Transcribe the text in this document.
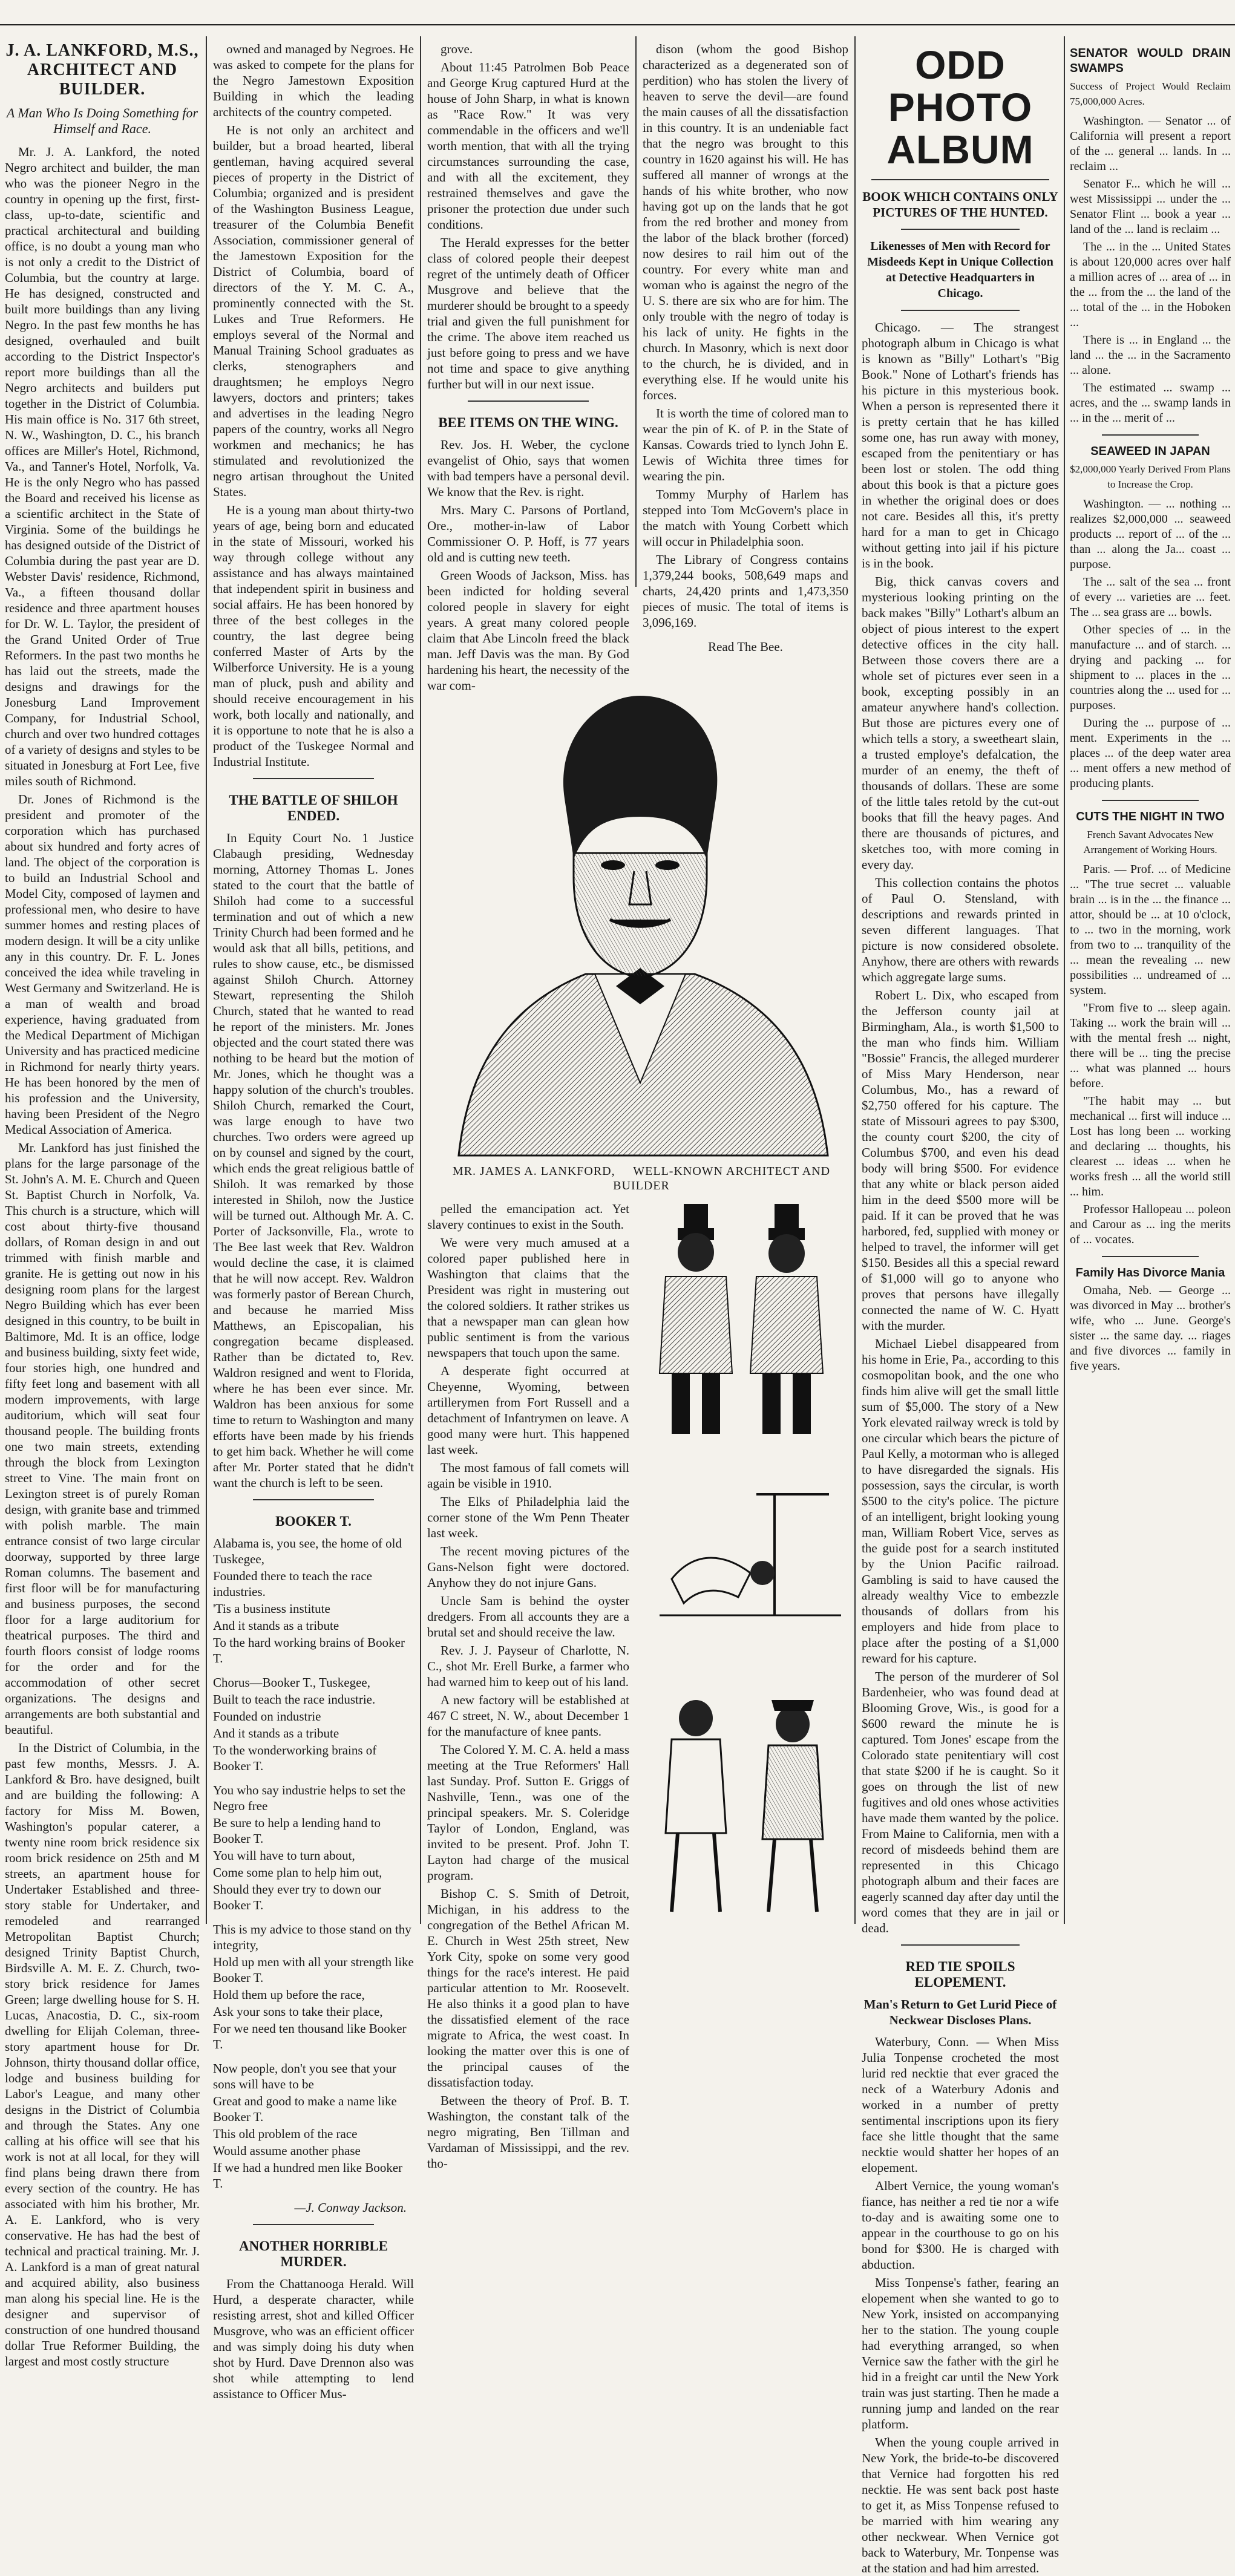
J. A. LANKFORD, M.S., ARCHITECT AND BUILDER.
A Man Who Is Doing Something for Himself and Race.

Mr. J. A. Lankford, the noted Negro architect and builder, the man who was the pioneer Negro in the country in opening up the first, first-class, up-to-date, scientific and practical architectural and building office, is no doubt a young man who is not only a credit to the District of Columbia, but the country at large. He has designed, constructed and built more buildings than any living Negro. In the past few months he has designed, overhauled and built according to the District Inspector's report more buildings than all the Negro architects and builders put together in the District of Columbia. His main office is No. 317 6th street, N. W., Washington, D. C., his branch offices are Miller's Hotel, Richmond, Va., and Tanner's Hotel, Norfolk, Va. He is the only Negro who has passed the Board and received his license as a scientific architect in the State of Virginia. Some of the buildings he has designed outside of the District of Columbia during the past year are D. Webster Davis' residence, Richmond, Va., a fifteen thousand dollar residence and three apartment houses for Dr. W. L. Taylor, the president of the Grand United Order of True Reformers. In the past two months he has laid out the streets, made the designs and drawings for the Jonesburg Land Improvement Company, for Industrial School, church and over two hundred cottages of a variety of designs and styles to be situated in Jonesburg at Fort Lee, five miles south of Richmond.

Dr. Jones of Richmond is the president and promoter of the corporation which has purchased about six hundred and forty acres of land. The object of the corporation is to build an Industrial School and Model City, composed of laymen and professional men, who desire to have summer homes and resting places of modern design. It will be a city unlike any in this country. Dr. F. L. Jones conceived the idea while traveling in West Germany and Switzerland. He is a man of wealth and broad experience, having graduated from the Medical Department of Michigan University and has practiced medicine in Richmond for nearly thirty years. He has been honored by the men of his profession and the University, having been President of the Negro Medical Association of America.

Mr. Lankford has just finished the plans for the large parsonage of the St. John's A. M. E. Church and Queen St. Baptist Church in Norfolk, Va. This church is a structure, which will cost about thirty-five thousand dollars, of Roman design in and out trimmed with finish marble and granite. He is getting out now in his designing room plans for the largest Negro Building which has ever been designed in this country, to be built in Baltimore, Md. It is an office, lodge and business building, sixty feet wide, four stories high, one hundred and fifty feet long and basement with all modern improvements, with large auditorium, which will seat four thousand people. The building fronts one two main streets, extending through the block from Lexington street to Vine. The main front on Lexington street is of purely Roman design, with granite base and trimmed with polish marble. The main entrance consist of two large circular doorway, supported by three large Roman columns. The basement and first floor will be for manufacturing and business purposes, the second floor for a large auditorium for theatrical purposes. The third and fourth floors consist of lodge rooms for the order and for the accommodation of other secret organizations. The designs and arrangements are both substantial and beautiful.

In the District of Columbia, in the past few months, Messrs. J. A. Lankford & Bro. have designed, built and are building the following: A factory for Miss M. Bowen, Washington's popular caterer, a twenty nine room brick residence six room brick residence on 25th and M streets, an apartment house for Undertaker Established and three-story stable for Undertaker, and remodeled and rearranged Metropolitan Baptist Church; designed Trinity Baptist Church, Birdsville A. M. E. Z. Church, two-story brick residence for James Green; large dwelling house for S. H. Lucas, Anacostia, D. C., six-room dwelling for Elijah Coleman, three-story apartment house for Dr. Johnson, thirty thousand dollar office, lodge and business building for Labor's League, and many other designs in the District of Columbia and through the States. Any one calling at his office will see that his work is not at all local, for they will find plans being drawn there from every section of the country. He has associated with him his brother, Mr. A. E. Lankford, who is very conservative. He has had the best of technical and practical training. Mr. J. A. Lankford is a man of great natural and acquired ability, also business man along his special line. He is the designer and supervisor of construction of one hundred thousand dollar True Reformer Building, the largest and most costly structure

owned and managed by Negroes. He was asked to compete for the plans for the Negro Jamestown Exposition Building in which the leading architects of the country competed.

He is not only an architect and builder, but a broad hearted, liberal gentleman, having acquired several pieces of property in the District of Columbia; organized and is president of the Washington Business League, treasurer of the Columbia Benefit Association, commissioner general of the Jamestown Exposition for the District of Columbia, board of directors of the Y. M. C. A., prominently connected with the St. Lukes and True Reformers. He employs several of the Normal and Manual Training School graduates as clerks, stenographers and draughtsmen; he employs Negro lawyers, doctors and printers; takes and advertises in the leading Negro papers of the country, works all Negro workmen and mechanics; he has stimulated and revolutionized the negro artisan throughout the United States.

He is a young man about thirty-two years of age, being born and educated in the state of Missouri, worked his way through college without any assistance and has always maintained that independent spirit in business and social affairs. He has been honored by three of the best colleges in the country, the last degree being conferred Master of Arts by the Wilberforce University. He is a young man of pluck, push and ability and should receive encouragement in his work, both locally and nationally, and it is opportune to note that he is also a product of the Tuskegee Normal and Industrial Institute.

THE BATTLE OF SHILOH ENDED.

In Equity Court No. 1 Justice Clabaugh presiding, Wednesday morning, Attorney Thomas L. Jones stated to the court that the battle of Shiloh had come to a successful termination and out of which a new Trinity Church had been formed and he would ask that all bills, petitions, and rules to show cause, etc., be dismissed against Shiloh Church. Attorney Stewart, representing the Shiloh Church, stated that he wanted to read he report of the ministers. Mr. Jones objected and the court stated there was nothing to be heard but the motion of Mr. Jones, which he thought was a happy solution of the church's troubles. Shiloh Church, remarked the Court, was large enough to have two churches. Two orders were agreed up on by counsel and signed by the court, which ends the great religious battle of Shiloh. It was remarked by those interested in Shiloh, now the Justice will be turned out. Although Mr. A. C. Porter of Jacksonville, Fla., wrote to The Bee last week that Rev. Waldron would decline the case, it is claimed that he will now accept. Rev. Waldron was formerly pastor of Berean Church, and because he married Miss Matthews, an Episcopalian, his congregation became displeased. Rather than be dictated to, Rev. Waldron resigned and went to Florida, where he has been ever since. Mr. Waldron has been anxious for some time to return to Washington and many efforts have been made by his friends to get him back. Whether he will come after Mr. Porter stated that he didn't want the church is left to be seen.

BOOKER T.

Alabama is, you see, the home of old Tuskegee,

Founded there to teach the race industries.

'Tis a business institute

And it stands as a tribute

To the hard working brains of Booker T.

Chorus—Booker T., Tuskegee,

Built to teach the race industrie.

Founded on industrie

And it stands as a tribute

To the wonderworking brains of Booker T.

You who say industrie helps to set the Negro free

Be sure to help a lending hand to Booker T.

You will have to turn about,

Come some plan to help him out,

Should they ever try to down our Booker T.

This is my advice to those stand on thy integrity,

Hold up men with all your strength like Booker T.

Hold them up before the race,

Ask your sons to take their place,

For we need ten thousand like Booker T.

Now people, don't you see that your sons will have to be

Great and good to make a name like Booker T.

This old problem of the race

Would assume another phase

If we had a hundred men like Booker T.

—J. Conway Jackson.
ANOTHER HORRIBLE MURDER.

From the Chattanooga Herald. Will Hurd, a desperate character, while resisting arrest, shot and killed Officer Musgrove, who was an efficient officer and was simply doing his duty when shot by Hurd. Dave Drennon also was shot while attempting to lend assistance to Officer Mus-

grove.

About 11:45 Patrolmen Bob Peace and George Krug captured Hurd at the house of John Sharp, in what is known as "Race Row." It was very commendable in the officers and we'll worth mention, that with all the trying circumstances surrounding the case, and with all the excitement, they restrained themselves and gave the prisoner the protection due under such conditions.

The Herald expresses for the better class of colored people their deepest regret of the untimely death of Officer Musgrove and believe that the murderer should be brought to a speedy trial and given the full punishment for the crime. The above item reached us just before going to press and we have not time and space to give anything further but will in our next issue.

BEE ITEMS ON THE WING.

Rev. Jos. H. Weber, the cyclone evangelist of Ohio, says that women with bad tempers have a personal devil. We know that the Rev. is right.

Mrs. Mary C. Parsons of Portland, Ore., mother-in-law of Labor Commissioner O. P. Hoff, is 77 years old and is cutting new teeth.

Green Woods of Jackson, Miss. has been indicted for holding several colored people in slavery for eight years. A great many colored people claim that Abe Lincoln freed the black man. Jeff Davis was the man. By God hardening his heart, the necessity of the war com-

dison (whom the good Bishop characterized as a degenerated son of perdition) who has stolen the livery of heaven to serve the devil—are found the main causes of all the dissatisfaction in this country. It is an undeniable fact that the negro was brought to this country in 1620 against his will. He has suffered all manner of wrongs at the hands of his white brother, who now having got up on the lands that he got from the red brother and money from the labor of the black brother (forced) now desires to rail him out of the country. For every white man and woman who is against the negro of the U. S. there are six who are for him. The only trouble with the negro of today is his lack of unity. He fights in the church. In Masonry, which is next door to the church, he is divided, and in everything else. If he would unite his forces.

It is worth the time of colored man to wear the pin of K. of P. in the State of Kansas. Cowards tried to lynch John E. Lewis of Wichita three times for wearing the pin.

Tommy Murphy of Harlem has stepped into Tom McGovern's place in the match with Young Corbett which will occur in Philadelphia soon.

The Library of Congress contains 1,379,244 books, 508,649 maps and charts, 24,420 prints and 1,473,350 pieces of music. The total of items is 3,096,169.

Read The Bee.

MR. JAMES A. LANKFORD, WELL-KNOWN ARCHITECT AND BUILDER

pelled the emancipation act. Yet slavery continues to exist in the South.

We were very much amused at a colored paper published here in Washington that claims that the President was right in mustering out the colored soldiers. It rather strikes us that a newspaper man can glean how public sentiment is from the various newspapers that touch upon the same.

A desperate fight occurred at Cheyenne, Wyoming, between artillerymen from Fort Russell and a detachment of Infantrymen on leave. A good many were hurt. This happened last week.

The most famous of fall comets will again be visible in 1910.

The Elks of Philadelphia laid the corner stone of the Wm Penn Theater last week.

The recent moving pictures of the Gans-Nelson fight were doctored. Anyhow they do not injure Gans.

Uncle Sam is behind the oyster dredgers. From all accounts they are a brutal set and should receive the law.

Rev. J. J. Payseur of Charlotte, N. C., shot Mr. Erell Burke, a farmer who had warned him to keep out of his land.

A new factory will be established at 467 C street, N. W., about December 1 for the manufacture of knee pants.

The Colored Y. M. C. A. held a mass meeting at the True Reformers' Hall last Sunday. Prof. Sutton E. Griggs of Nashville, Tenn., was one of the principal speakers. Mr. S. Coleridge Taylor of London, England, was invited to be present. Prof. John T. Layton had charge of the musical program.

Bishop C. S. Smith of Detroit, Michigan, in his address to the congregation of the Bethel African M. E. Church in West 25th street, New York City, spoke on some very good things for the race's interest. He paid particular attention to Mr. Roosevelt. He also thinks it a good plan to have the dissatisfied element of the race migrate to Africa, the west coast. In looking the matter over this is one of the principal causes of the dissatisfaction today.

Between the theory of Prof. B. T. Washington, the constant talk of the negro migrating, Ben Tillman and Vardaman of Mississippi, and the rev. tho-

ODD PHOTO ALBUM
BOOK WHICH CONTAINS ONLY PICTURES OF THE HUNTED.
Likenesses of Men with Record for Misdeeds Kept in Unique Collection at Detective Headquarters in Chicago.

Chicago. — The strangest photograph album in Chicago is what is known as "Billy" Lothart's "Big Book." None of Lothart's friends has his picture in this mysterious book. When a person is represented there it is pretty certain that he has killed some one, has run away with money, escaped from the penitentiary or has been lost or stolen. The odd thing about this book is that a picture goes in whether the original does or does not care. Besides all this, it's pretty hard for a man to get in Chicago without getting into jail if his picture is in the book.

Big, thick canvas covers and mysterious looking printing on the back makes "Billy" Lothart's album an object of pious interest to the expert detective offices in the city hall. Between those covers there are a whole set of pictures ever seen in a book, excepting possibly in an amateur anywhere hand's collection. But those are pictures every one of which tells a story, a sweetheart slain, a trusted employe's defalcation, the murder of an enemy, the theft of thousands of dollars. These are some of the little tales retold by the cut-out books that fill the heavy pages. And there are thousands of pictures, and sketches too, with more coming in every day.

This collection contains the photos of Paul O. Stensland, with descriptions and rewards printed in seven different languages. That picture is now considered obsolete. Anyhow, there are others with rewards which aggregate large sums.

Robert L. Dix, who escaped from the Jefferson county jail at Birmingham, Ala., is worth $1,500 to the man who finds him. William "Bossie" Francis, the alleged murderer of Miss Mary Henderson, near Columbus, Mo., has a reward of $2,750 offered for his capture. The state of Missouri agrees to pay $300, the county court $200, the city of Columbus $700, and even his dead body will bring $500. For evidence that any white or black person aided him in the deed $500 more will be paid. If it can be proved that he was harbored, fed, supplied with money or helped to travel, the informer will get $150. Besides all this a special reward of $1,000 will go to anyone who proves that persons have illegally connected the name of W. C. Hyatt with the murder.

Michael Liebel disappeared from his home in Erie, Pa., according to this cosmopolitan book, and the one who finds him alive will get the small little sum of $5,000. The story of a New York elevated railway wreck is told by one circular which bears the picture of Paul Kelly, a motorman who is alleged to have disregarded the signals. His possession, says the circular, is worth $500 to the city's police. The picture of an intelligent, bright looking young man, William Robert Vice, serves as the guide post for a search instituted by the Union Pacific railroad. Gambling is said to have caused the already wealthy Vice to embezzle thousands of dollars from his employers and hide from place to place after the posting of a $1,000 reward for his capture.

The person of the murderer of Sol Bardenheier, who was found dead at Blooming Grove, Wis., is good for a $600 reward the minute he is captured. Tom Jones' escape from the Colorado state penitentiary will cost that state $200 if he is caught. So it goes on through the list of new fugitives and old ones whose activities have made them wanted by the police. From Maine to California, men with a record of misdeeds behind them are represented in this Chicago photograph album and their faces are eagerly scanned day after day until the word comes that they are in jail or dead.

RED TIE SPOILS ELOPEMENT.
Man's Return to Get Lurid Piece of Neckwear Discloses Plans.

Waterbury, Conn. — When Miss Julia Tonpense crocheted the most lurid red necktie that ever graced the neck of a Waterbury Adonis and worked in a number of pretty sentimental inscriptions upon its fiery face she little thought that the same necktie would shatter her hopes of an elopement.

Albert Vernice, the young woman's fiance, has neither a red tie nor a wife to-day and is awaiting some one to appear in the courthouse to go on his bond for $300. He is charged with abduction.

Miss Tonpense's father, fearing an elopement when she wanted to go to New York, insisted on accompanying her to the station. The young couple had everything arranged, so when Vernice saw the father with the girl he hid in a freight car until the New York train was just starting. Then he made a running jump and landed on the rear platform.

When the young couple arrived in New York, the bride-to-be discovered that Vernice had forgotten his red necktie. He was sent back post haste to get it, as Miss Tonpense refused to be married with him wearing any other neckwear. When Vernice got back to Waterbury, Mr. Tonpense was at the station and had him arrested.

SENATOR WOULD DRAIN SWAMPS
Success of Project Would Reclaim 75,000,000 Acres.

Washington. — Senator ... of California will present a report of the ... general ... lands. In ... reclaim ...

Senator F... which he will ... west Mississippi ... under the ... Senator Flint ... book a year ... land of the ... land is reclaim ...

The ... in the ... United States is about 120,000 acres over half a million acres of ... area of ... in the ... from the ... the land of the ... total of the ... in the Hoboken ...

There is ... in England ... the land ... the ... in the Sacramento ... alone.

The estimated ... swamp ... acres, and the ... swamp lands in ... in the ... merit of ...

SEAWEED IN JAPAN
$2,000,000 Yearly Derived From Plans to Increase the Crop.

Washington. — ... nothing ... realizes $2,000,000 ... seaweed products ... report of ... of the ... than ... along the Ja... coast ... purpose.

The ... salt of the sea ... front of every ... varieties are ... feet. The ... sea grass are ... bowls.

Other species of ... in the manufacture ... and of starch. ... drying and packing ... for shipment to ... places in the ... countries along the ... used for ... purposes.

During the ... purpose of ... ment. Experiments in the ... places ... of the deep water area ... ment offers a new method of producing plants.

CUTS THE NIGHT IN TWO
French Savant Advocates New Arrangement of Working Hours.

Paris. — Prof. ... of Medicine ... "The true secret ... valuable brain ... is in the ... the finance ... attor, should be ... at 10 o'clock, to ... two in the morning, work from two to ... tranquility of the ... mean the revealing ... new possibilities ... undreamed of ... system.

"From five to ... sleep again. Taking ... work the brain will ... with the mental fresh ... night, there will be ... ting the precise ... what was planned ... hours before.

"The habit may ... but mechanical ... first will induce ... Lost has long been ... working and declaring ... thoughts, his clearest ... ideas ... when he works fresh ... all the world still ... him.

Professor Hallopeau ... poleon and Carour as ... ing the merits of ... vocates.

Family Has Divorce Mania

Omaha, Neb. — George ... was divorced in May ... brother's wife, who ... June. George's sister ... the same day. ... riages and five divorces ... family in five years.
